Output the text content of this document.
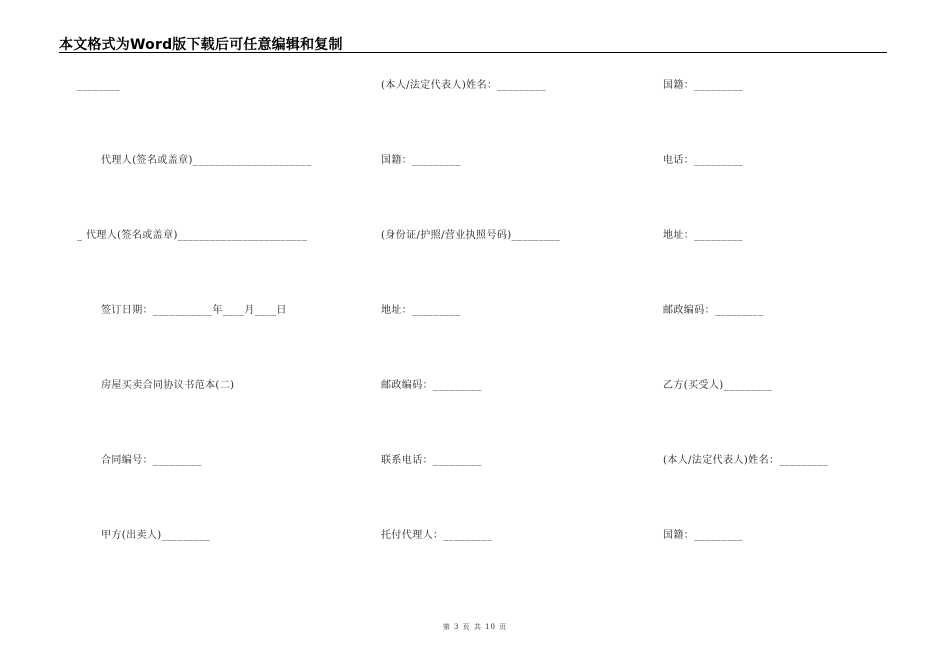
本文格式为Word版下载后可任意编辑和复制
________	(本人/法定代表人)姓名：_________	国籍：_________
代理人(签名或盖章)______________________	国籍：_________	电话：_________
_ 代理人(签名或盖章)________________________	(身份证/护照/营业执照号码)_________	地址：_________
签订日期：___________年____月____日	地址：_________	邮政编码：_________
房屋买卖合同协议书范本(二)	邮政编码：_________	乙方(买受人)_________
合同编号：_________	联系电话：_________	(本人/法定代表人)姓名：_________
甲方(出卖人)_________	托付代理人：_________	国籍：_________
第 3 页 共 10 页
